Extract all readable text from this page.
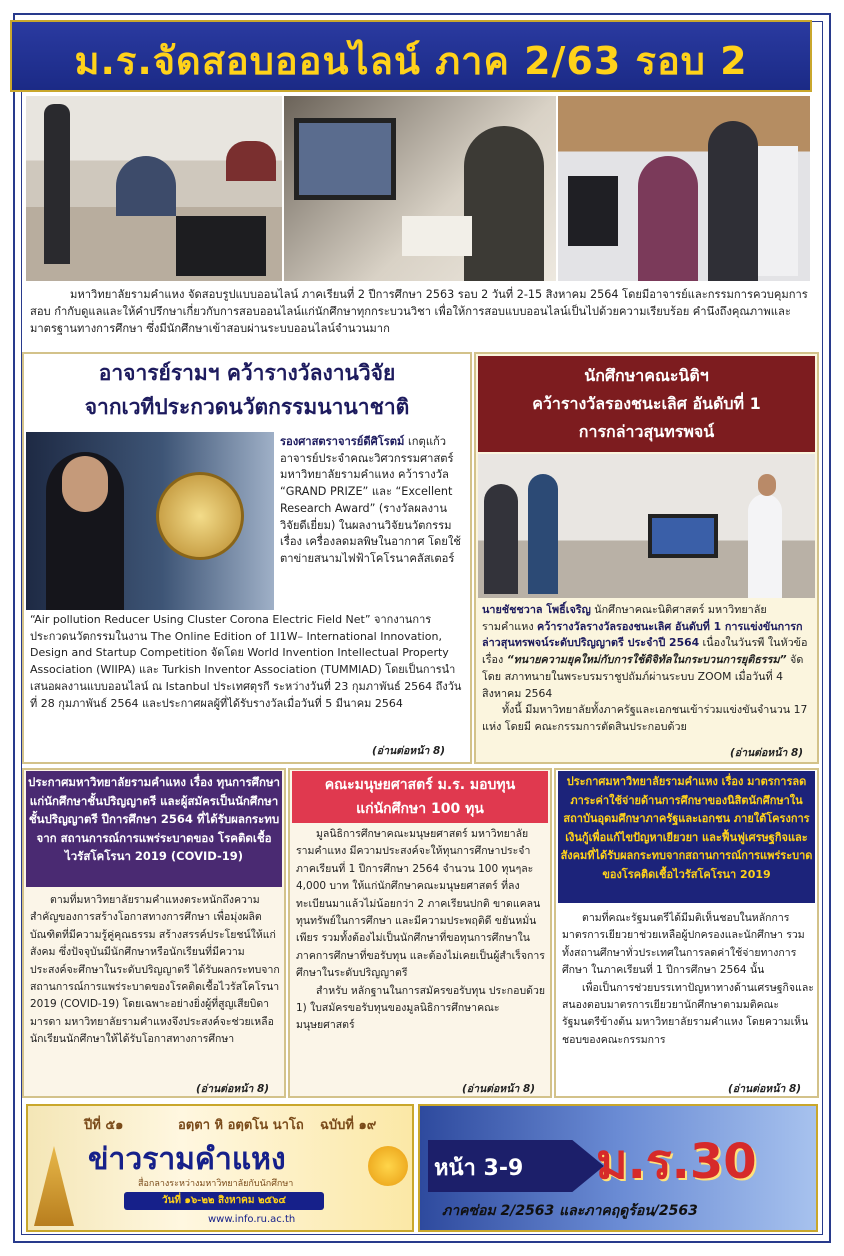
ม.ร.จัดสอบออนไลน์ ภาค 2/63 รอบ 2
มหาวิทยาลัยรามคำแหง จัดสอบรูปแบบออนไลน์ ภาคเรียนที่ 2 ปีการศึกษา 2563 รอบ 2 วันที่ 2-15 สิงหาคม 2564 โดยมีอาจารย์และกรรมการควบคุมการสอบ กำกับดูแลและให้คำปรึกษาเกี่ยวกับการสอบออนไลน์แก่นักศึกษาทุกกระบวนวิชา เพื่อให้การสอบแบบออนไลน์เป็นไปด้วยความเรียบร้อย คำนึงถึงคุณภาพและมาตรฐานทางการศึกษา ซึ่งมีนักศึกษาเข้าสอบผ่านระบบออนไลน์จำนวนมาก
อาจารย์รามฯ คว้ารางวัลงานวิจัย
จากเวทีประกวดนวัตกรรมนานาชาติ
รองศาสตราจารย์ดีศิโรตม์ เกตุแก้ว อาจารย์ประจำคณะวิศวกรรมศาสตร์ มหาวิทยาลัยรามคำแหง คว้ารางวัล “GRAND PRIZE” และ “Excellent Research Award” (รางวัลผลงานวิจัยดีเยี่ยม) ในผลงานวิจัยนวัตกรรม เรื่อง เครื่องลดมลพิษในอากาศ โดยใช้ตาข่ายสนามไฟฟ้าโคโรนาคลัสเตอร์
“Air pollution Reducer Using Cluster Corona Electric Field Net” จากงานการประกวดนวัตกรรมในงาน The Online Edition of 1I1W– International Innovation, Design and Startup Competition จัดโดย World Invention Intellectual Property Association (WIIPA) และ Turkish Inventor Association (TUMMIAD) โดยเป็นการนำเสนอผลงานแบบออนไลน์ ณ Istanbul ประเทศตุรกี ระหว่างวันที่ 23 กุมภาพันธ์ 2564 ถึงวันที่ 28 กุมภาพันธ์ 2564 และประกาศผลผู้ที่ได้รับรางวัลเมื่อวันที่ 5 มีนาคม 2564
(อ่านต่อหน้า 8)
นักศึกษาคณะนิติฯ
คว้ารางวัลรองชนะเลิศ อันดับที่ 1
การกล่าวสุนทรพจน์
นายชัชชวาล โพธิ์เจริญ นักศึกษาคณะนิติศาสตร์ มหาวิทยาลัยรามคำแหง คว้ารางวัลรางวัลรองชนะเลิศ อันดับที่ 1 การแข่งขันการกล่าวสุนทรพจน์ระดับปริญญาตรี ประจำปี 2564 เนื่องในวันรพี ในหัวข้อเรื่อง “ทนายความยุคใหม่กับการใช้ดิจิทัลในกระบวนการยุติธรรม” จัดโดย สภาทนายในพระบรมราชูปถัมภ์ผ่านระบบ ZOOM เมื่อวันที่ 4 สิงหาคม 2564
ทั้งนี้ มีมหาวิทยาลัยทั้งภาครัฐและเอกชนเข้าร่วมแข่งขันจำนวน 17 แห่ง โดยมี คณะกรรมการตัดสินประกอบด้วย
(อ่านต่อหน้า 8)
ประกาศมหาวิทยาลัยรามคำแหง เรื่อง ทุนการศึกษาแก่นักศึกษาชั้นปริญญาตรี และผู้สมัครเป็นนักศึกษาชั้นปริญญาตรี ปีการศึกษา 2564 ที่ได้รับผลกระทบจาก สถานการณ์การแพร่ระบาดของ โรคติดเชื้อไวรัสโคโรนา 2019 (COVID-19)
ตามที่มหาวิทยาลัยรามคำแหงตระหนักถึงความสำคัญของการสร้างโอกาสทางการศึกษา เพื่อมุ่งผลิตบัณฑิตที่มีความรู้คู่คุณธรรม สร้างสรรค์ประโยชน์ให้แก่สังคม ซึ่งปัจจุบันมีนักศึกษาหรือนักเรียนที่มีความประสงค์จะศึกษาในระดับปริญญาตรี ได้รับผลกระทบจากสถานการณ์การแพร่ระบาดของโรคติดเชื้อไวรัสโคโรนา 2019 (COVID-19) โดยเฉพาะอย่างยิ่งผู้ที่สูญเสียบิดา มารดา มหาวิทยาลัยรามคำแหงจึงประสงค์จะช่วยเหลือนักเรียนนักศึกษาให้ได้รับโอกาสทางการศึกษา
(อ่านต่อหน้า 8)
คณะมนุษยศาสตร์ ม.ร. มอบทุน
แก่นักศึกษา 100 ทุน

มูลนิธิการศึกษาคณะมนุษยศาสตร์ มหาวิทยาลัยรามคำแหง มีความประสงค์จะให้ทุนการศึกษาประจำภาคเรียนที่ 1 ปีการศึกษา 2564 จำนวน 100 ทุนๆละ 4,000 บาท ให้แก่นักศึกษาคณะมนุษยศาสตร์ ที่ลงทะเบียนมาแล้วไม่น้อยกว่า 2 ภาคเรียนปกติ ขาดแคลนทุนทรัพย์ในการศึกษา และมีความประพฤติดี ขยันหมั่นเพียร รวมทั้งต้องไม่เป็นนักศึกษาที่ขอทุนการศึกษาในภาคการศึกษาที่ขอรับทุน และต้องไม่เคยเป็นผู้สำเร็จการศึกษาในระดับปริญญาตรี

สำหรับ หลักฐานในการสมัครขอรับทุน ประกอบด้วย 1) ใบสมัครขอรับทุนของมูลนิธิการศึกษาคณะมนุษยศาสตร์

(อ่านต่อหน้า 8)
ประกาศมหาวิทยาลัยรามคำแหง เรื่อง มาตรการลดภาระค่าใช้จ่ายด้านการศึกษาของนิสิตนักศึกษาในสถาบันอุดมศึกษาภาครัฐและเอกชน ภายใต้โครงการเงินกู้เพื่อแก้ไขปัญหาเยียวยา และฟื้นฟูเศรษฐกิจและสังคมที่ได้รับผลกระทบจากสถานการณ์การแพร่ระบาดของโรคติดเชื้อไวรัสโคโรนา 2019

ตามที่คณะรัฐมนตรีได้มีมติเห็นชอบในหลักการมาตรการเยียวยาช่วยเหลือผู้ปกครองและนักศึกษา รวมทั้งสถานศึกษาทั่วประเทศในการลดค่าใช้จ่ายทางการศึกษา ในภาคเรียนที่ 1 ปีการศึกษา 2564 นั้น

เพื่อเป็นการช่วยบรรเทาปัญหาทางด้านเศรษฐกิจและสนองตอบมาตรการเยียวยานักศึกษาตามมติคณะรัฐมนตรีข้างต้น มหาวิทยาลัยรามคำแหง โดยความเห็นชอบของคณะกรรมการ

(อ่านต่อหน้า 8)
ปีที่ ๕๑	อตฺตา หิ อตฺตโน นาโถ ฉบับที่ ๑๙
ข่าวรามคำแหง
สื่อกลางระหว่างมหาวิทยาลัยกับนักศึกษา
วันที่ ๑๖-๒๒ สิงหาคม ๒๕๖๔
www.info.ru.ac.th
หน้า 3-9 ม.ร.30
ภาคซ่อม 2/2563 และภาคฤดูร้อน/2563
